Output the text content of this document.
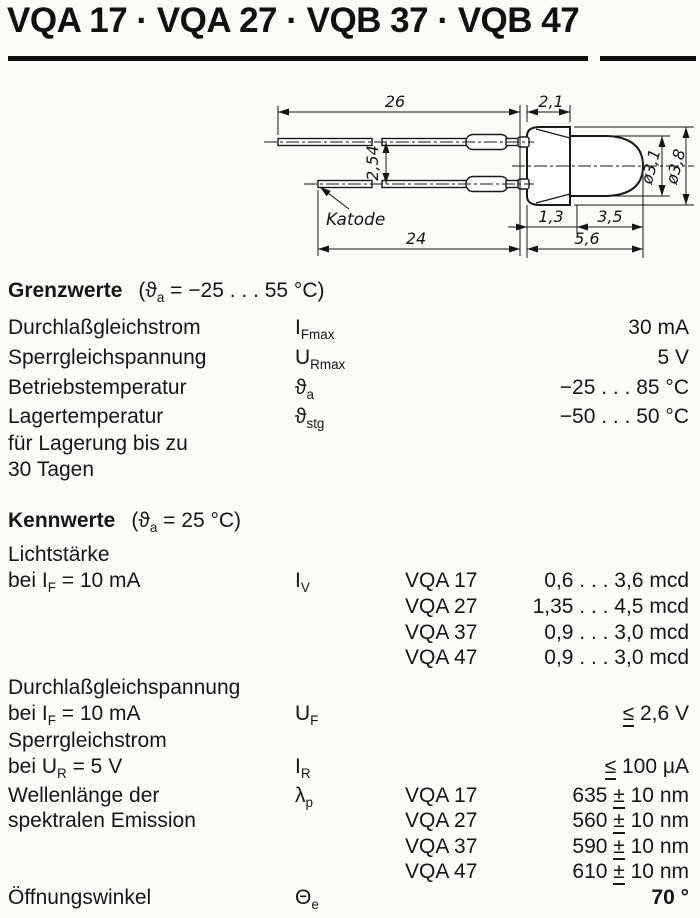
VQA 17 · VQA 27 · VQB 37 · VQB 47
26	2,1
2,54
24
1,3 3,5
5,6
ø3,1
ø3,8
Katode
Grenzwerte ($ϑ_a = -25$ . . . 55 °C)
Durchlaßgleichstrom	$I_{Fmax}$	30 mA
Sperrgleichspannung	$U_{Rmax}$	5 V
Betriebstemperatur	$ϑ_a$	−25 . . . 85 °C
Lagertemperatur	$ϑ_{stg}$	−50 . . . 50 °C
für Lagerung bis zu
30 Tagen
Kennwerte ($ϑ_a = 25$ °C)
Lichtstärke
bei $I_F = 10$ mA	$I_V$	VQA 17	0,6 . . . 3,6 mcd
VQA 27	1,35 . . . 4,5 mcd
VQA 37	0,9 . . . 3,0 mcd
VQA 47	0,9 . . . 3,0 mcd
Durchlaßgleichspannung
bei $I_F = 10$ mA	$U_F$	≤ 2,6 V
Sperrgleichstrom
bei $U_R = 5$ V	$I_R$	≤ 100 μA
Wellenlänge der	$\lambda_p$	VQA 17	635 ± 10 nm
spektralen Emission	VQA 27	560 ± 10 nm
VQA 37	590 ± 10 nm
VQA 47	610 ± 10 nm
Öffnungswinkel	$\Theta_e$	70 °
